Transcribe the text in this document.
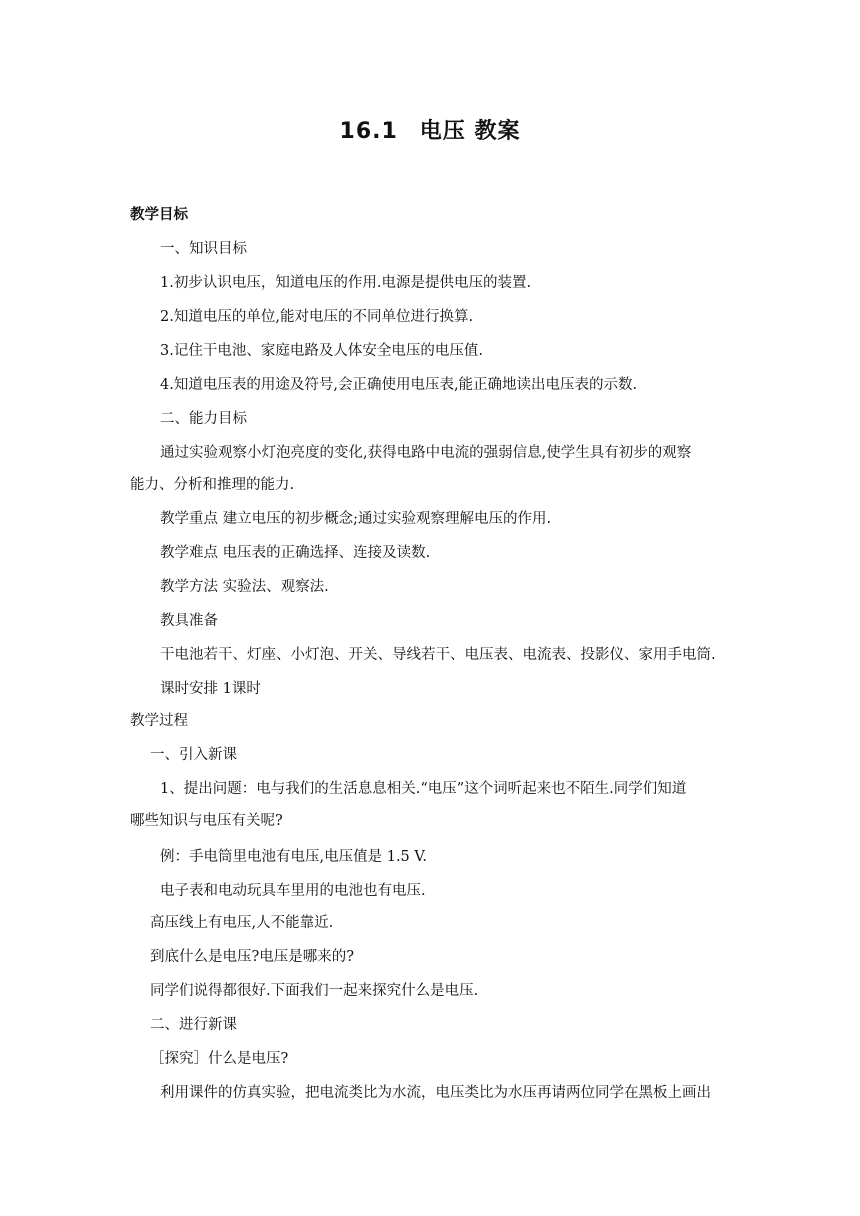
16.1 电压 教案

教学目标

一、知识目标

1.初步认识电压，知道电压的作用.电源是提供电压的装置.

2.知道电压的单位,能对电压的不同单位进行换算.

3.记住干电池、家庭电路及人体安全电压的电压值.

4.知道电压表的用途及符号,会正确使用电压表,能正确地读出电压表的示数.

二、能力目标

通过实验观察小灯泡亮度的变化,获得电路中电流的强弱信息,使学生具有初步的观察

能力、分析和推理的能力.

教学重点 建立电压的初步概念;通过实验观察理解电压的作用.

教学难点 电压表的正确选择、连接及读数.

教学方法 实验法、观察法.

教具准备

干电池若干、灯座、小灯泡、开关、导线若干、电压表、电流表、投影仪、家用手电筒.

课时安排 1课时

教学过程

一、引入新课

1、提出问题：电与我们的生活息息相关.“电压”这个词听起来也不陌生.同学们知道

哪些知识与电压有关呢?

例：手电筒里电池有电压,电压值是 1.5 V.

电子表和电动玩具车里用的电池也有电压.

高压线上有电压,人不能靠近.

到底什么是电压?电压是哪来的?

同学们说得都很好.下面我们一起来探究什么是电压.

二、进行新课

［探究］什么是电压?

利用课件的仿真实验，把电流类比为水流，电压类比为水压再请两位同学在黑板上画出
